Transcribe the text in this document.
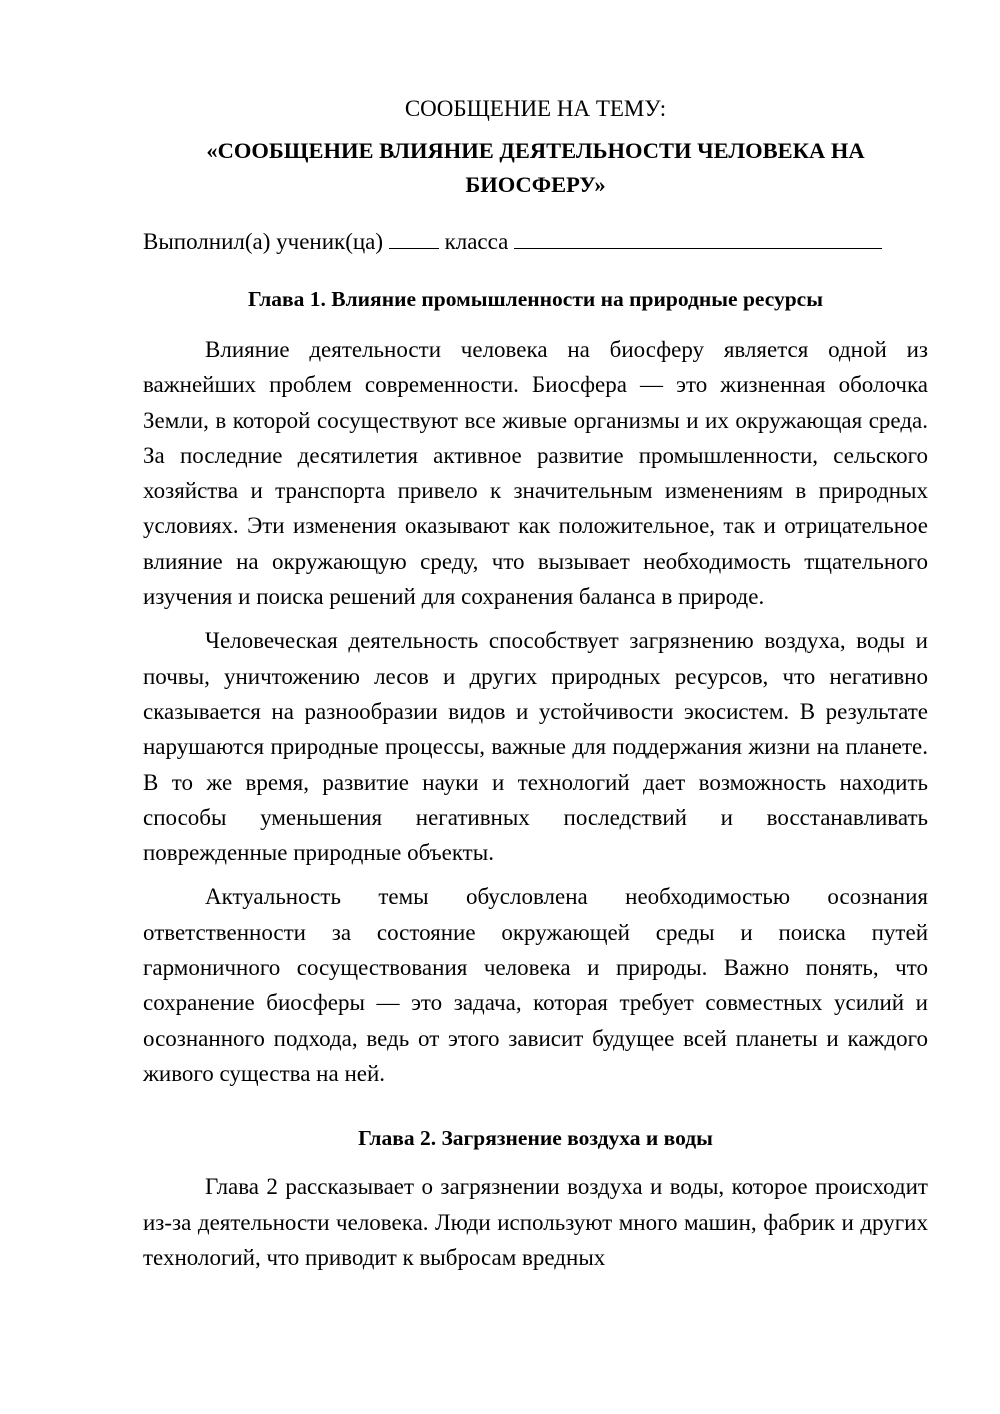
СООБЩЕНИЕ НА ТЕМУ:

«СООБЩЕНИЕ ВЛИЯНИЕ ДЕЯТЕЛЬНОСТИ ЧЕЛОВЕКА НА БИОСФЕРУ»

Выполнил(а) ученик(ца)	класса

Глава 1. Влияние промышленности на природные ресурсы

Влияние деятельности человека на биосферу является одной из важнейших проблем современности. Биосфера — это жизненная оболочка Земли, в которой сосуществуют все живые организмы и их окружающая среда. За последние десятилетия активное развитие промышленности, сельского хозяйства и транспорта привело к значительным изменениям в природных условиях. Эти изменения оказывают как положительное, так и отрицательное влияние на окружающую среду, что вызывает необходимость тщательного изучения и поиска решений для сохранения баланса в природе.

Человеческая деятельность способствует загрязнению воздуха, воды и почвы, уничтожению лесов и других природных ресурсов, что негативно сказывается на разнообразии видов и устойчивости экосистем. В результате нарушаются природные процессы, важные для поддержания жизни на планете. В то же время, развитие науки и технологий дает возможность находить способы уменьшения негативных последствий и восстанавливать поврежденные природные объекты.

Актуальность темы обусловлена необходимостью осознания ответственности за состояние окружающей среды и поиска путей гармоничного сосуществования человека и природы. Важно понять, что сохранение биосферы — это задача, которая требует совместных усилий и осознанного подхода, ведь от этого зависит будущее всей планеты и каждого живого существа на ней.

Глава 2. Загрязнение воздуха и воды

Глава 2 рассказывает о загрязнении воздуха и воды, которое происходит из-за деятельности человека. Люди используют много машин, фабрик и других технологий, что приводит к выбросам вредных
